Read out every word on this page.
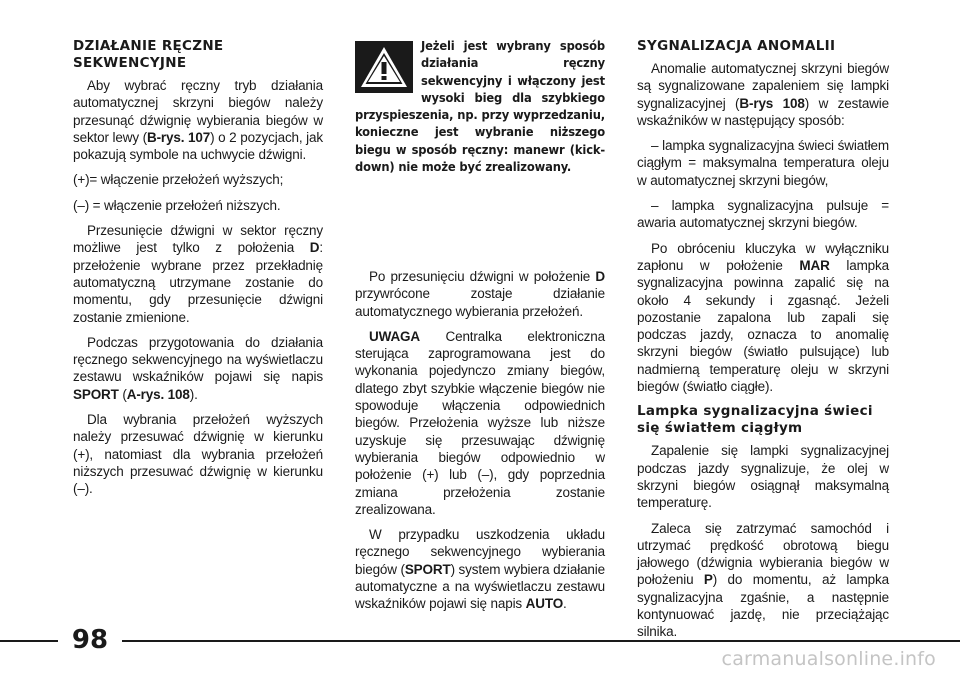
DZIAŁANIE RĘCZNE SEKWENCYJNE

Aby wybrać ręczny tryb działania automatycznej skrzyni biegów należy przesunąć dźwignię wybierania biegów w sektor lewy (B-rys. 107) o 2 pozycjach, jak pokazują symbole na uchwycie dźwigni.

(+)= włączenie przełożeń wyższych;

(–) = włączenie przełożeń niższych.

Przesunięcie dźwigni w sektor ręczny możliwe jest tylko z położenia D: przełożenie wybrane przez przekładnię automatyczną utrzymane zostanie do momentu, gdy przesunięcie dźwigni zostanie zmienione.

Podczas przygotowania do działania ręcznego sekwencyjnego na wyświetlaczu zestawu wskaźników pojawi się napis SPORT (A-rys. 108).

Dla wybrania przełożeń wyższych należy przesuwać dźwignię w kierunku (+), natomiast dla wybrania przełożeń niższych przesuwać dźwignię w kierunku (–).

Jeżeli jest wybrany sposób działania ręczny sekwencyjny i włączony jest wysoki bieg dla szybkiego przyspieszenia, np. przy wyprzedzaniu, konieczne jest wybranie niższego biegu w sposób ręczny: manewr (kick-down) nie może być zrealizowany.

Po przesunięciu dźwigni w położenie D przywrócone zostaje działanie automatycznego wybierania przełożeń.

UWAGA Centralka elektroniczna sterująca zaprogramowana jest do wykonania pojedynczo zmiany biegów, dlatego zbyt szybkie włączenie biegów nie spowoduje włączenia odpowiednich biegów. Przełożenia wyższe lub niższe uzyskuje się przesuwając dźwignię wybierania biegów odpowiednio w położenie (+) lub (–), gdy poprzednia zmiana przełożenia zostanie zrealizowana.

W przypadku uszkodzenia układu ręcznego sekwencyjnego wybierania biegów (SPORT) system wybiera działanie automatyczne a na wyświetlaczu zestawu wskaźników pojawi się napis AUTO.

SYGNALIZACJA ANOMALII

Anomalie automatycznej skrzyni biegów są sygnalizowane zapaleniem się lampki sygnalizacyjnej (B-rys 108) w zestawie wskaźników w następujący sposób:

– lampka sygnalizacyjna świeci światłem ciągłym = maksymalna temperatura oleju w automatycznej skrzyni biegów,

– lampka sygnalizacyjna pulsuje = awaria automatycznej skrzyni biegów.

Po obróceniu kluczyka w wyłączniku zapłonu w położenie MAR lampka sygnalizacyjna powinna zapalić się na około 4 sekundy i zgasnąć. Jeżeli pozostanie zapalona lub zapali się podczas jazdy, oznacza to anomalię skrzyni biegów (światło pulsujące) lub nadmierną temperaturę oleju w skrzyni biegów (światło ciągłe).

Lampka sygnalizacyjna świeci się światłem ciągłym

Zapalenie się lampki sygnalizacyjnej podczas jazdy sygnalizuje, że olej w skrzyni biegów osiągnął maksymalną temperaturę.

Zaleca się zatrzymać samochód i utrzymać prędkość obrotową biegu jałowego (dźwignia wybierania biegów w położeniu P) do momentu, aż lampka sygnalizacyjna zgaśnie, a następnie kontynuować jazdę, nie przeciążając silnika.

98
carmanualsonline.info
